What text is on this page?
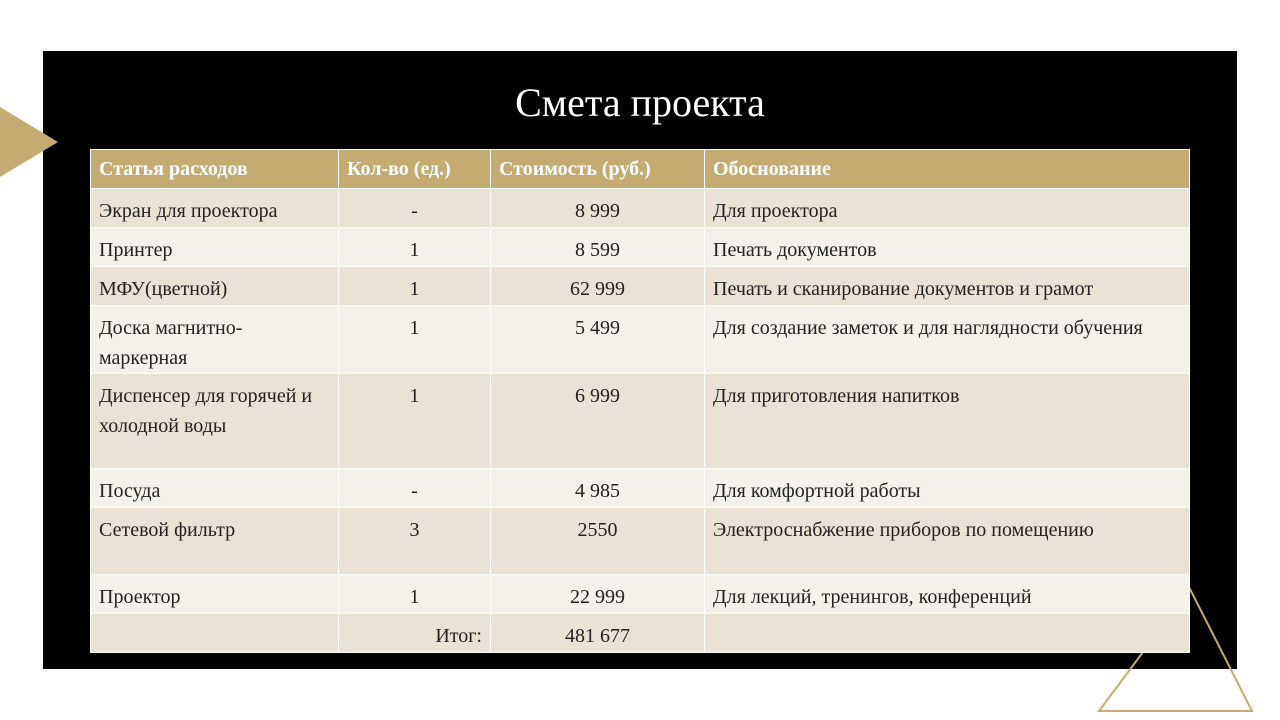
Смета проекта
Статья расходов	Кол-во (ед.)	Стоимость (руб.)	Обоснование
Экран для проектора	-	8 999	Для проектора
Принтер	1	8 599	Печать документов
МФУ(цветной)	1	62 999	Печать и сканирование документов и грамот
Доска магнитно-маркерная	1	5 499	Для создание заметок и для наглядности обучения
Диспенсер для горячей и холодной воды	1	6 999	Для приготовления напитков
Посуда	-	4 985	Для комфортной работы
Сетевой фильтр	3	2550	Электроснабжение приборов по помещению
Проектор	1	22 999	Для лекций, тренингов, конференций
	Итог:	481 677	
